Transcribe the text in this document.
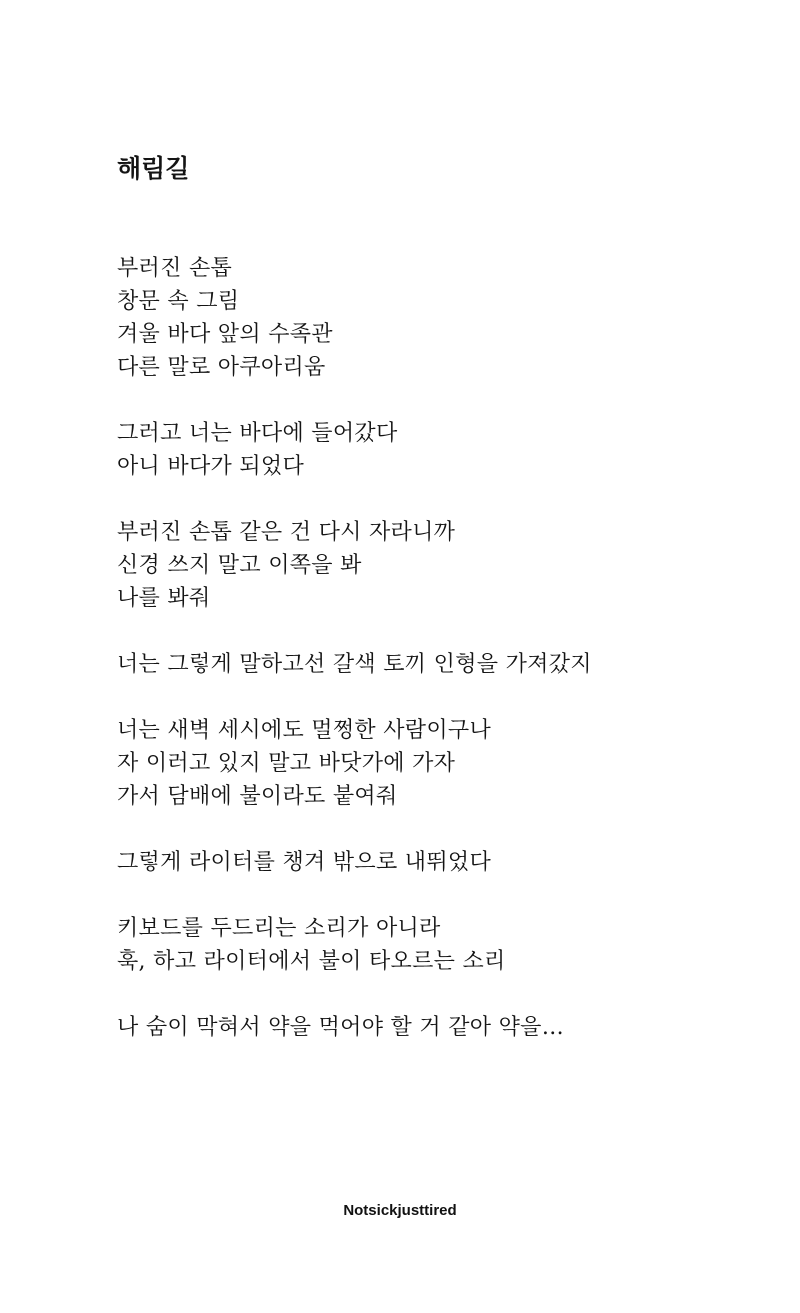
해림길
부러진 손톱
창문 속 그림
겨울 바다 앞의 수족관
다른 말로 아쿠아리움
그러고 너는 바다에 들어갔다
아니 바다가 되었다
부러진 손톱 같은 건 다시 자라니까
신경 쓰지 말고 이쪽을 봐
나를 봐줘
너는 그렇게 말하고선 갈색 토끼 인형을 가져갔지
너는 새벽 세시에도 멀쩡한 사람이구나
자 이러고 있지 말고 바닷가에 가자
가서 담배에 불이라도 붙여줘
그렇게 라이터를 챙겨 밖으로 내뛰었다
키보드를 두드리는 소리가 아니라
훅, 하고 라이터에서 불이 타오르는 소리
나 숨이 막혀서 약을 먹어야 할 거 같아 약을…
Notsickjusttired
